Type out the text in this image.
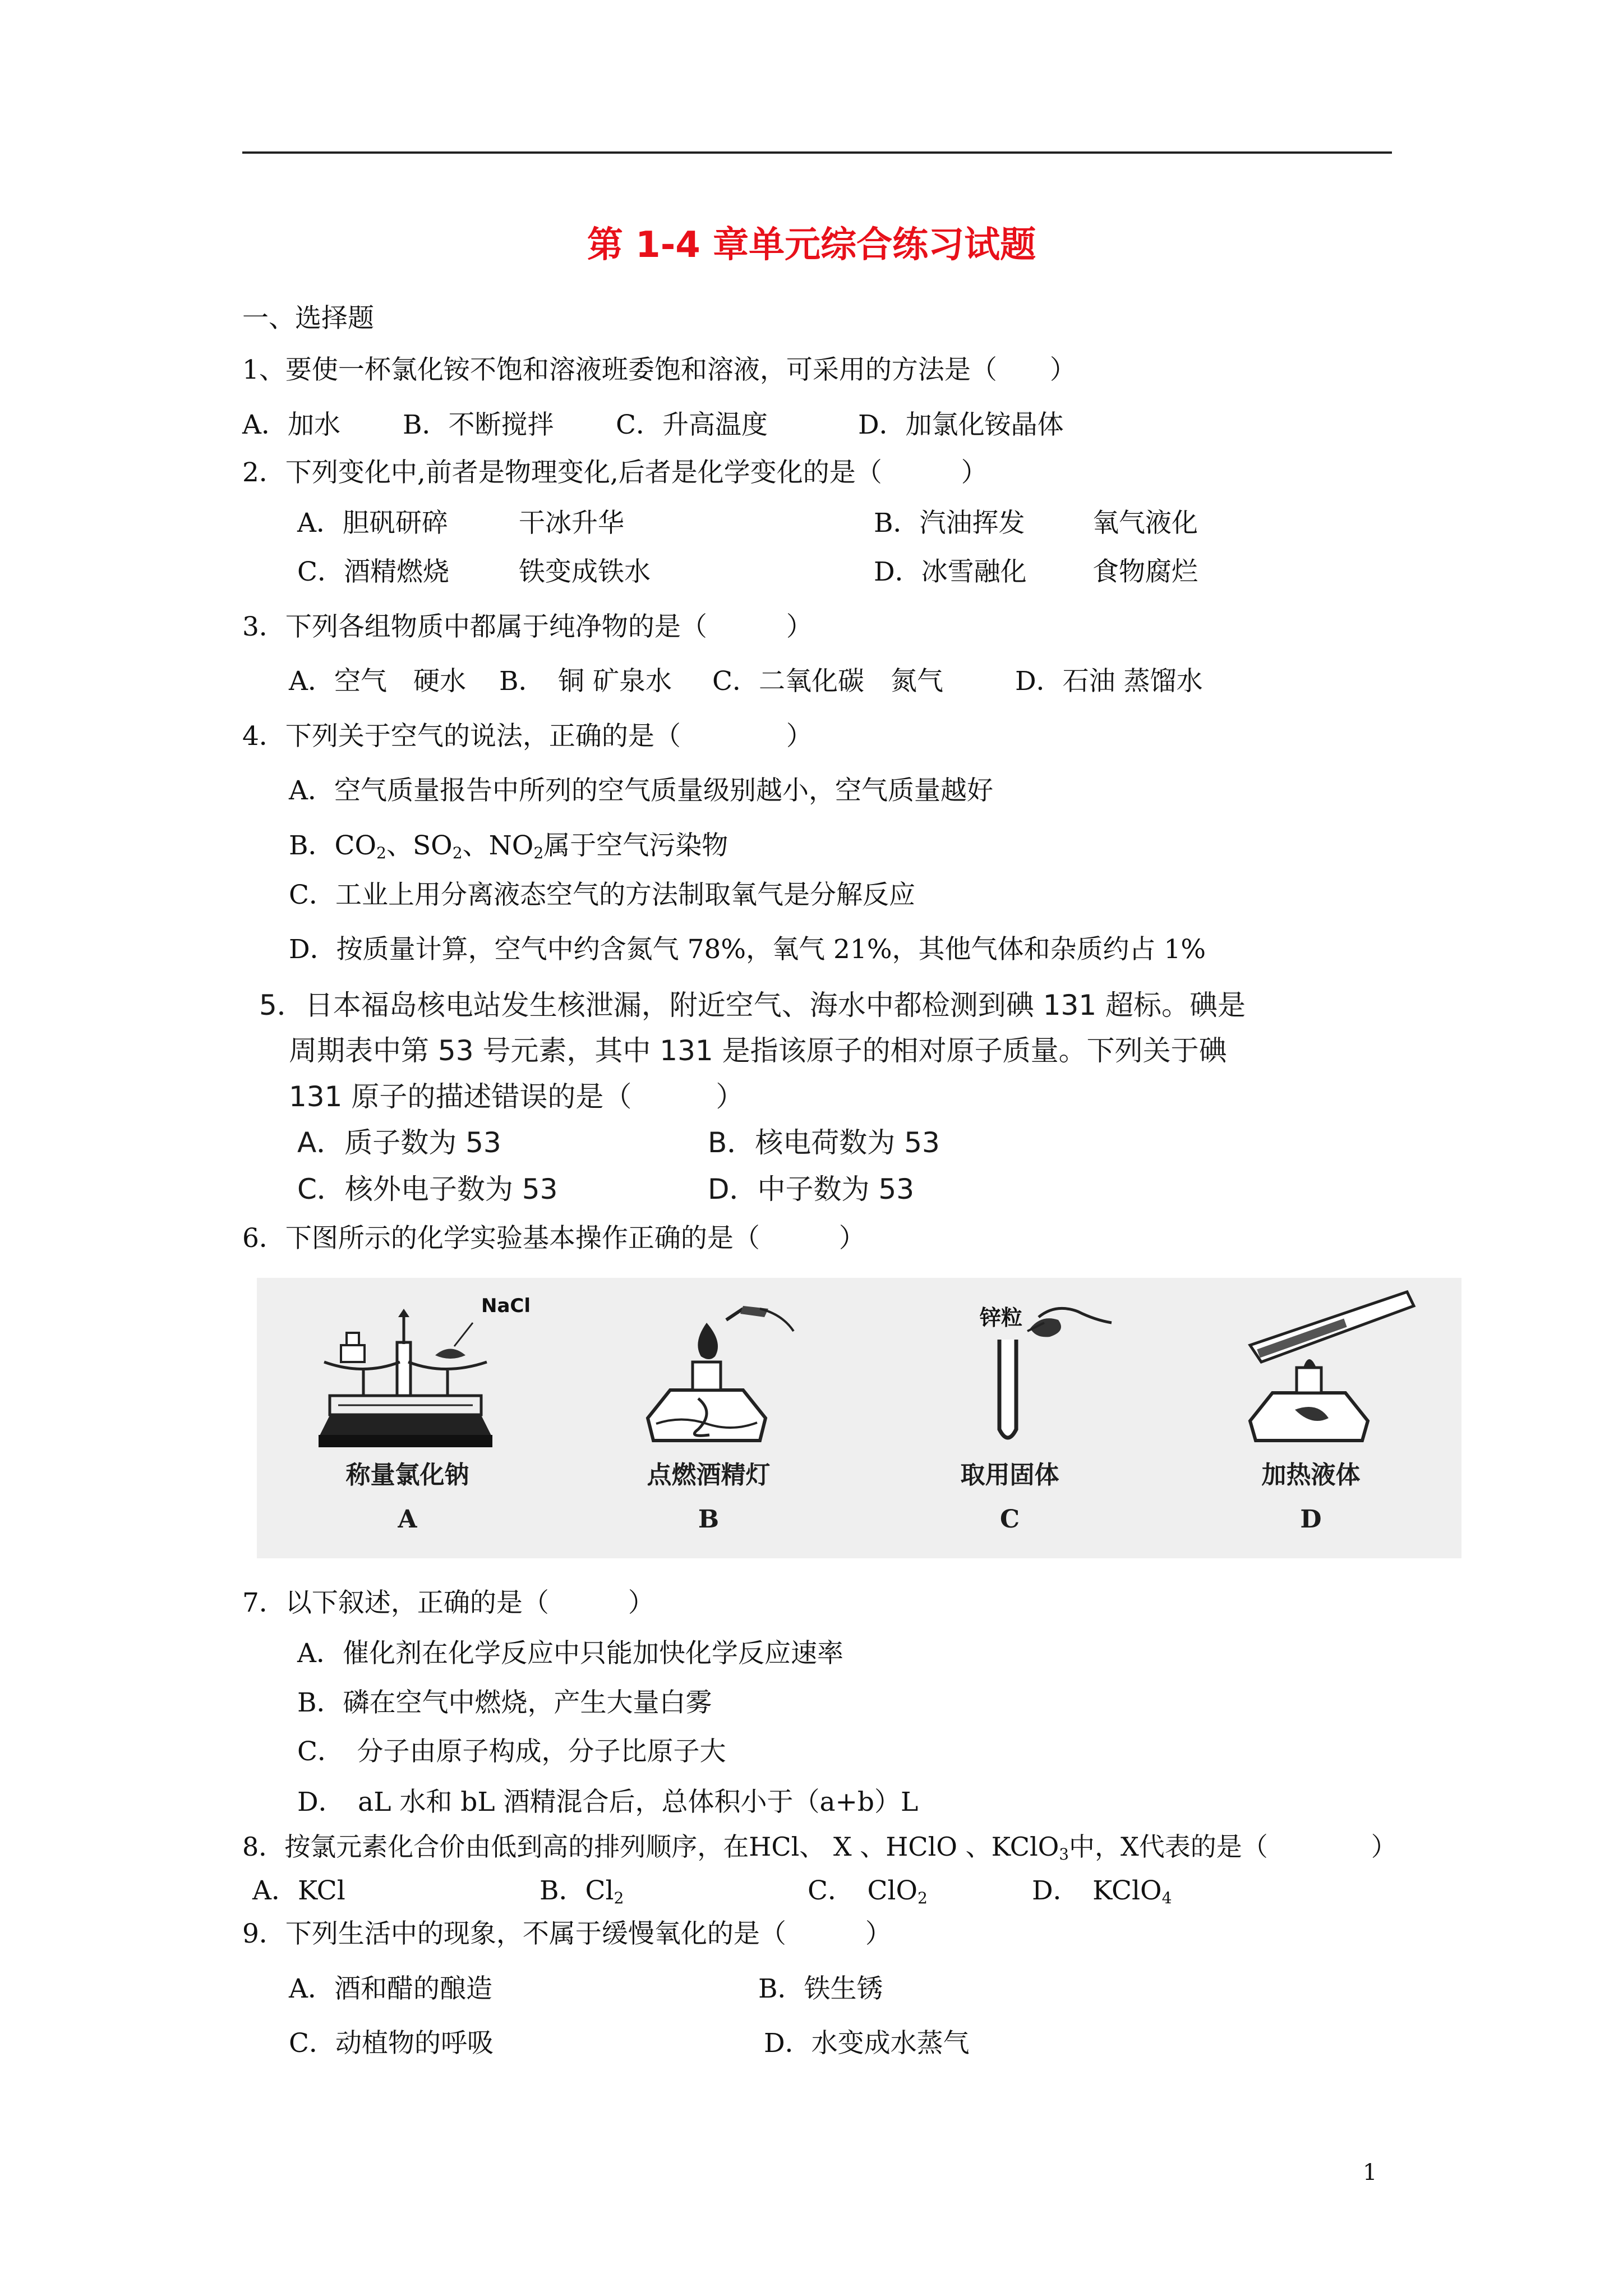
第 1-4 章单元综合练习试题
一、选择题
1、要使一杯氯化铵不饱和溶液班委饱和溶液，可采用的方法是（　　）
A．加水 B．不断搅拌 C．升高温度	D．加氯化铵晶体
2．下列变化中,前者是物理变化,后者是化学变化的是（　　　）
A．胆矾研碎	干冰升华	B．汽油挥发	氧气液化
C．酒精燃烧	铁变成铁水	D．冰雪融化 食物腐烂
3．下列各组物质中都属于纯净物的是（　　　）
A．空气　硬水 B．　铜 矿泉水 C．二氧化碳　氮气	D．石油 蒸馏水
4．下列关于空气的说法，正确的是（　　　　）
A．空气质量报告中所列的空气质量级别越小，空气质量越好
B．$CO_2$、$SO_2$、$NO_2$属于空气污染物
C．工业上用分离液态空气的方法制取氧气是分解反应
D．按质量计算，空气中约含氮气 78%，氧气 21%，其他气体和杂质约占 1%
5．日本福岛核电站发生核泄漏，附近空气、海水中都检测到碘 131 超标。碘是
周期表中第 53 号元素，其中 131 是指该原子的相对原子质量。下列关于碘
131 原子的描述错误的是（　　　）
A．质子数为 53	B．核电荷数为 53
C．核外电子数为 53	D．中子数为 53
6．下图所示的化学实验基本操作正确的是（　　　）
NaCl
称量氯化钠
A
点燃酒精灯
B
锌粒
取用固体
C
加热液体
D
7．以下叙述，正确的是（　　　）
A．催化剂在化学反应中只能加快化学反应速率
B．磷在空气中燃烧，产生大量白雾
C．　分子由原子构成，分子比原子大
D．　aL 水和 bL 酒精混合后，总体积小于（a+b）L
8．按氯元素化合价由低到高的排列顺序，在HCl、 X 、HClO 、KClO$_3$中，X代表的是（　　　　）
A．KCl	B．$Cl_2$	C．　ClO$_2$	D．　KClO$_4$
9．下列生活中的现象，不属于缓慢氧化的是（　　　）
A．酒和醋的酿造	B．铁生锈
C．动植物的呼吸	D．水变成水蒸气
1
